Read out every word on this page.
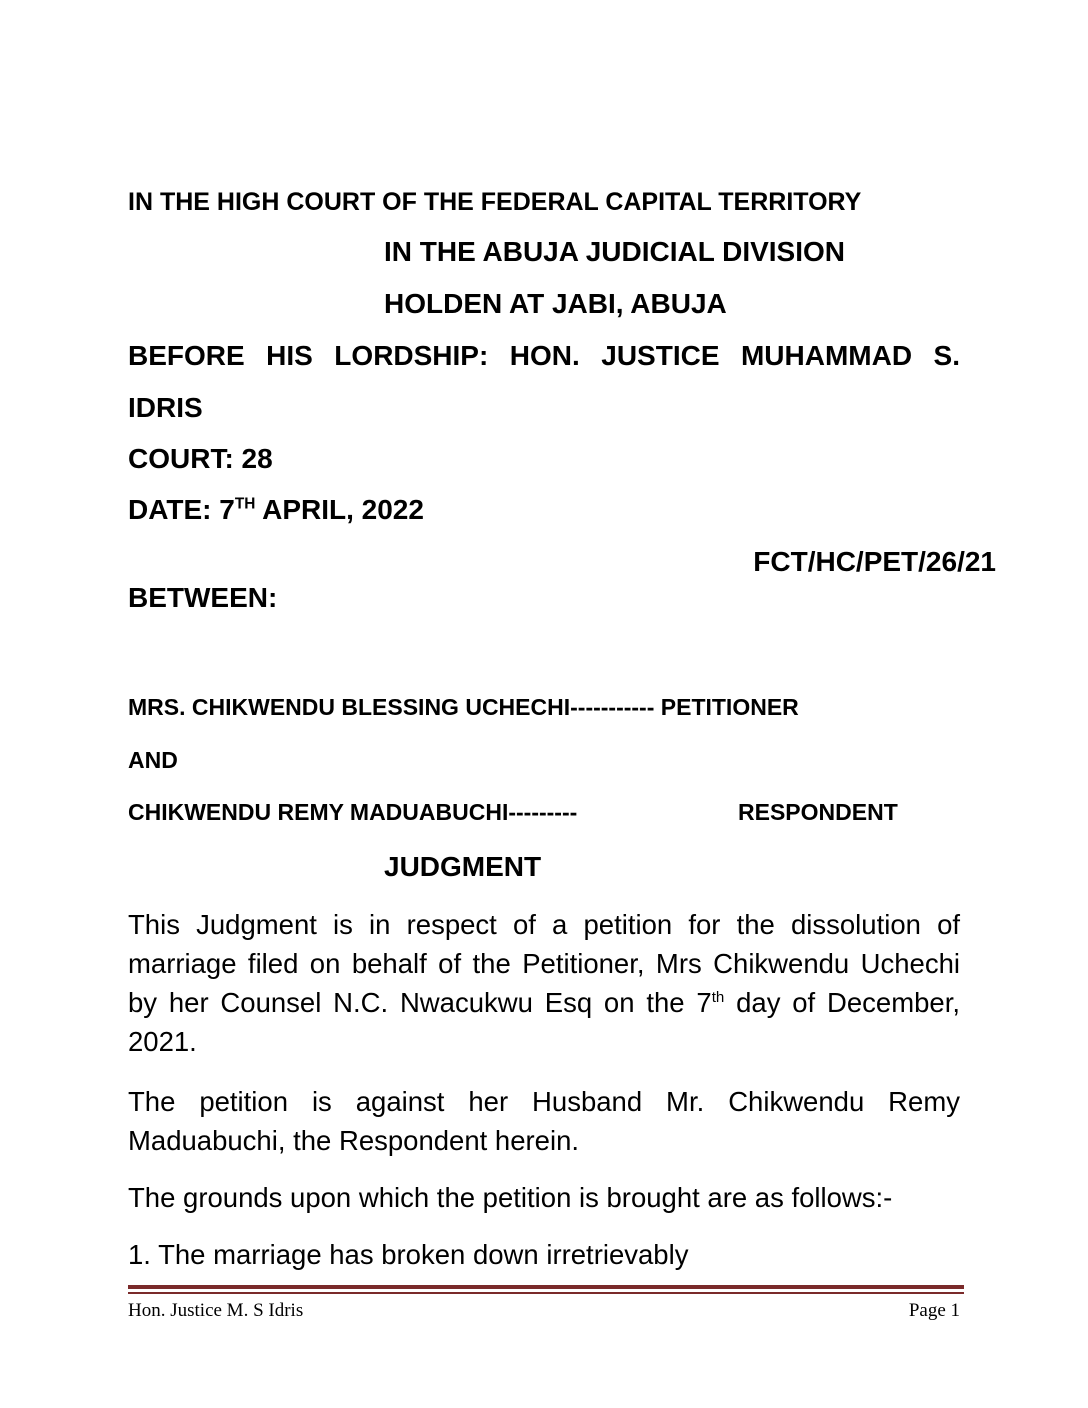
IN THE HIGH COURT OF THE FEDERAL CAPITAL TERRITORY
IN THE ABUJA JUDICIAL DIVISION
HOLDEN AT JABI, ABUJA
BEFORE HIS LORDSHIP: HON. JUSTICE MUHAMMAD S.
IDRIS
COURT: 28
DATE: 7TH APRIL, 2022
FCT/HC/PET/26/21
BETWEEN:
MRS. CHIKWENDU BLESSING UCHECHI----------- PETITIONER
AND
CHIKWENDU REMY MADUABUCHI---------	RESPONDENT
JUDGMENT
This Judgment is in respect of a petition for the dissolution of marriage filed on behalf of the Petitioner, Mrs Chikwendu Uchechi by her Counsel N.C. Nwacukwu Esq on the 7th day of December, 2021.
The petition is against her Husband Mr. Chikwendu Remy Maduabuchi, the Respondent herein.
The grounds upon which the petition is brought are as follows:-
1. The marriage has broken down irretrievably
Hon. Justice M. S Idris	Page 1
